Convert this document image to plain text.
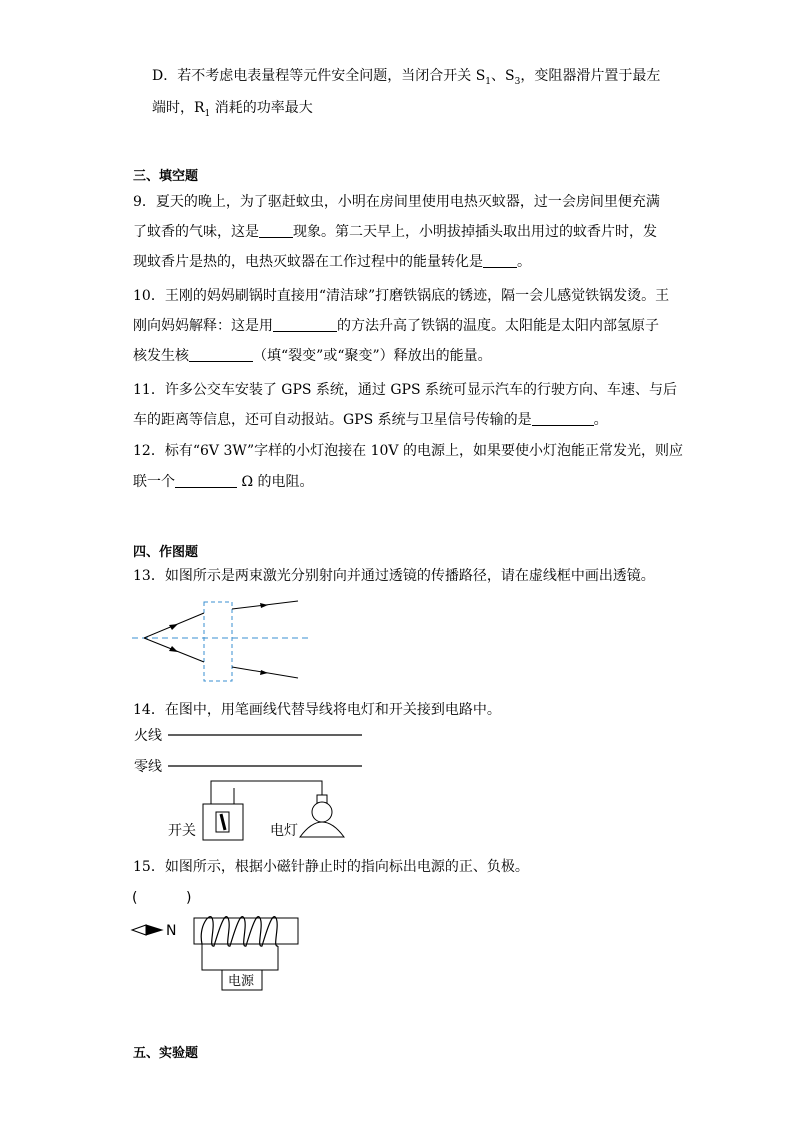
D．若不考虑电表量程等元件安全问题，当闭合开关 $S_1$、$S_3$，变阻器滑片置于最左
端时，$R_1$ 消耗的功率最大
三、填空题
9．夏天的晚上，为了驱赶蚊虫，小明在房间里使用电热灭蚊器，过一会房间里便充满
了蚊香的气味，这是 现象。第二天早上，小明拔掉插头取出用过的蚊香片时，发
现蚊香片是热的，电热灭蚊器在工作过程中的能量转化是 。
10．王刚的妈妈刷锅时直接用“清洁球”打磨铁锅底的锈迹，隔一会儿感觉铁锅发烫。王
刚向妈妈解释：这是用	的方法升高了铁锅的温度。太阳能是太阳内部氢原子
核发生核	（填“裂变”或“聚变”）释放出的能量。
11．许多公交车安装了 GPS 系统，通过 GPS 系统可显示汽车的行驶方向、车速、与后
车的距离等信息，还可自动报站。GPS 系统与卫星信号传输的是	。
12．标有“6V 3W”字样的小灯泡接在 10V 的电源上，如果要使小灯泡能正常发光，则应
联一个	Ω 的电阻。
四、作图题
13．如图所示是两束激光分别射向并通过透镜的传播路径，请在虚线框中画出透镜。
14．在图中，用笔画线代替导线将电灯和开关接到电路中。
火线
零线
开关	电灯
15．如图所示，根据小磁针静止时的指向标出电源的正、负极。
(	)
N
电源
五、实验题
